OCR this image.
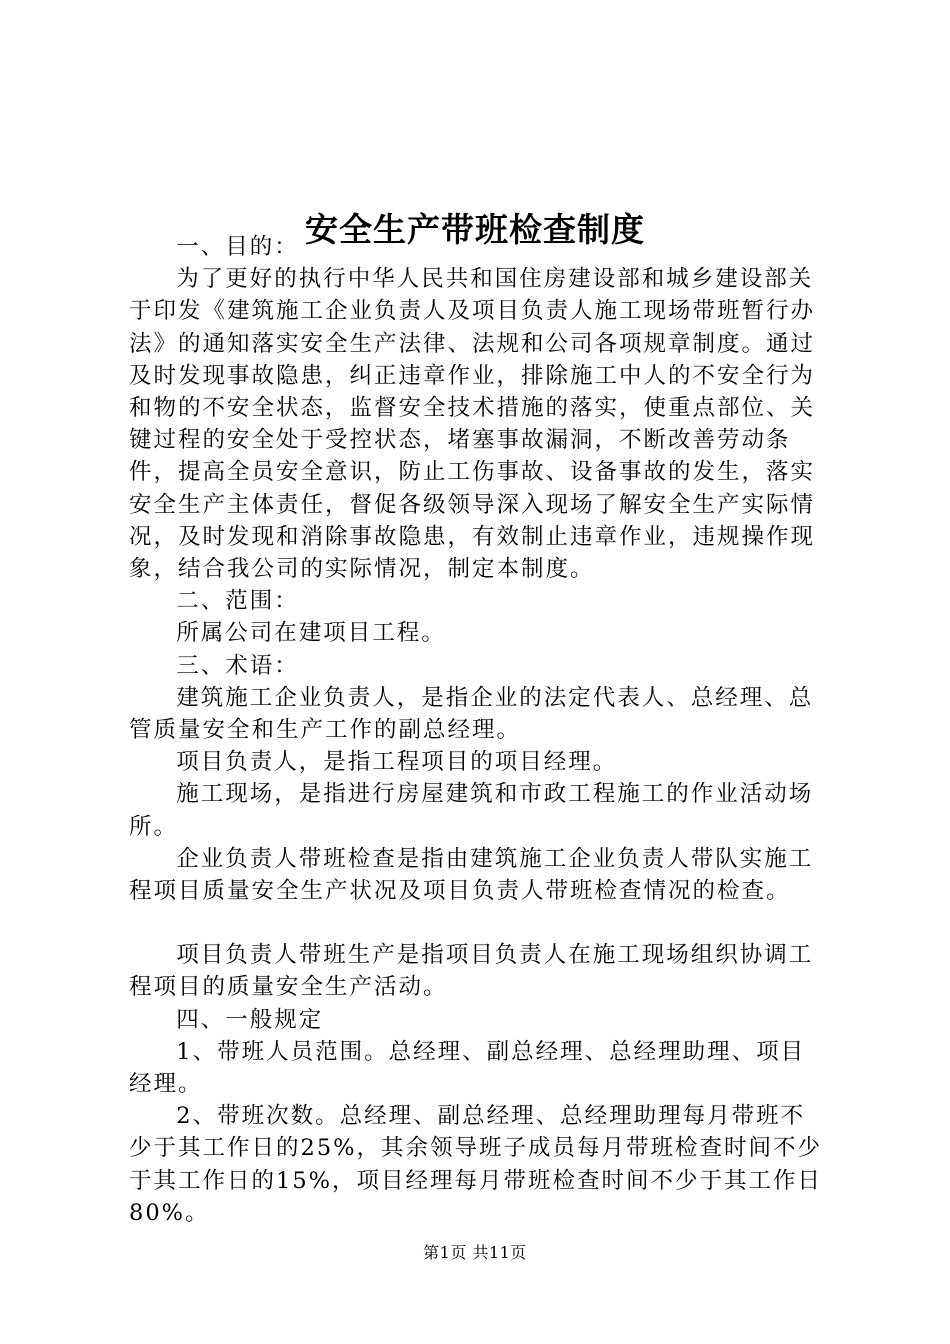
安全生产带班检查制度

一、目的：

为了更好的执行中华人民共和国住房建设部和城乡建设部关于印发《建筑施工企业负责人及项目负责人施工现场带班暂行办法》的通知落实安全生产法律、法规和公司各项规章制度。通过及时发现事故隐患，纠正违章作业，排除施工中人的不安全行为和物的不安全状态，监督安全技术措施的落实，使重点部位、关键过程的安全处于受控状态，堵塞事故漏洞，不断改善劳动条件，提高全员安全意识，防止工伤事故、设备事故的发生，落实安全生产主体责任，督促各级领导深入现场了解安全生产实际情况，及时发现和消除事故隐患，有效制止违章作业，违规操作现象，结合我公司的实际情况，制定本制度。

二、范围：

所属公司在建项目工程。

三、术语：

建筑施工企业负责人，是指企业的法定代表人、总经理、总管质量安全和生产工作的副总经理。

项目负责人，是指工程项目的项目经理。

施工现场，是指进行房屋建筑和市政工程施工的作业活动场所。

企业负责人带班检查是指由建筑施工企业负责人带队实施工程项目质量安全生产状况及项目负责人带班检查情况的检查。

项目负责人带班生产是指项目负责人在施工现场组织协调工程项目的质量安全生产活动。

四、一般规定

1、带班人员范围。总经理、副总经理、总经理助理、项目经理。

2、带班次数。总经理、副总经理、总经理助理每月带班不少于其工作日的25%，其余领导班子成员每月带班检查时间不少于其工作日的15%，项目经理每月带班检查时间不少于其工作日80%。

第1页 共11页
